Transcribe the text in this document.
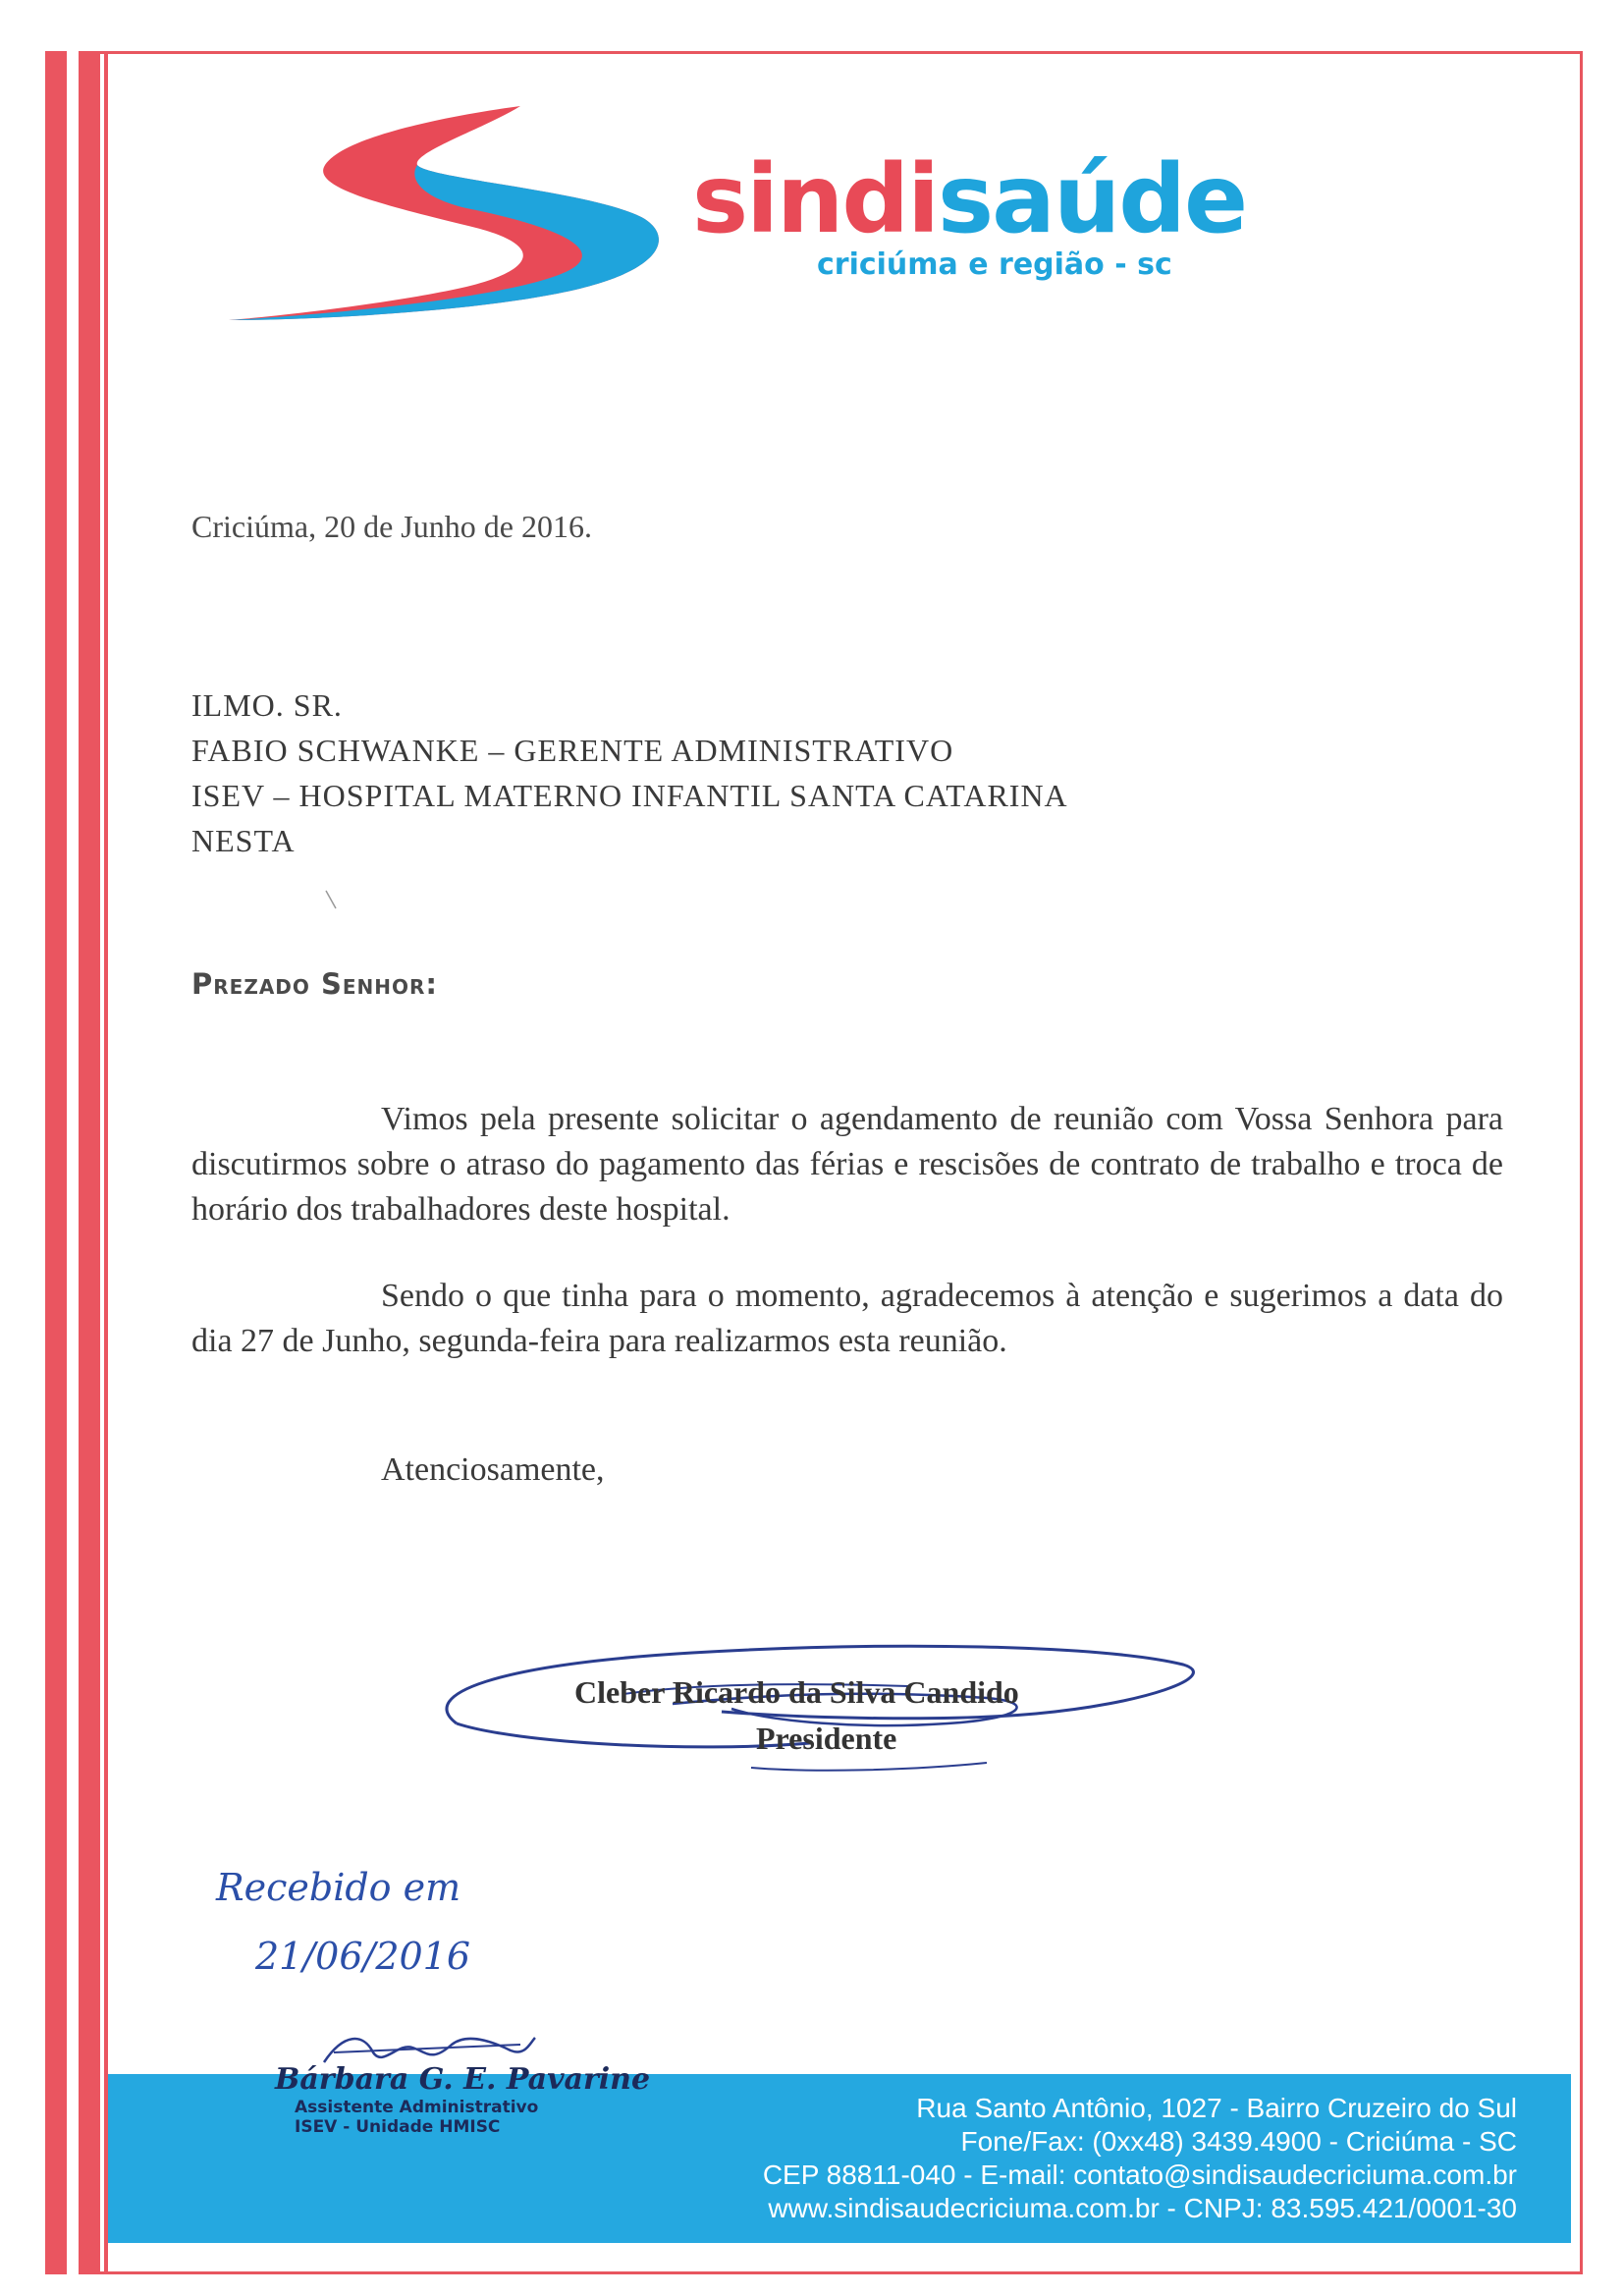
sindisaúde
criciúma e região - sc
Criciúma, 20 de Junho de 2016.
ILMO. SR.
FABIO SCHWANKE – GERENTE ADMINISTRATIVO
ISEV – HOSPITAL MATERNO INFANTIL SANTA CATARINA
NESTA
Prezado Senhor:
Vimos pela presente solicitar o agendamento de reunião com Vossa Senhora para discutirmos sobre o atraso do pagamento das férias e rescisões de contrato de trabalho e troca de horário dos trabalhadores deste hospital.
Sendo o que tinha para o momento, agradecemos à atenção e sugerimos a data do dia 27 de Junho, segunda-feira para realizarmos esta reunião.
Atenciosamente,
Cleber Ricardo da Silva Candido
Presidente
Recebido em
21/06/2016
Rua Santo Antônio, 1027 - Bairro Cruzeiro do Sul
Fone/Fax: (0xx48) 3439.4900 - Criciúma - SC
CEP 88811-040 - E-mail: contato@sindisaudecriciuma.com.br
www.sindisaudecriciuma.com.br - CNPJ: 83.595.421/0001-30
Bárbara G. E. Pavarine
Assistente Administrativo
ISEV - Unidade HMISC
